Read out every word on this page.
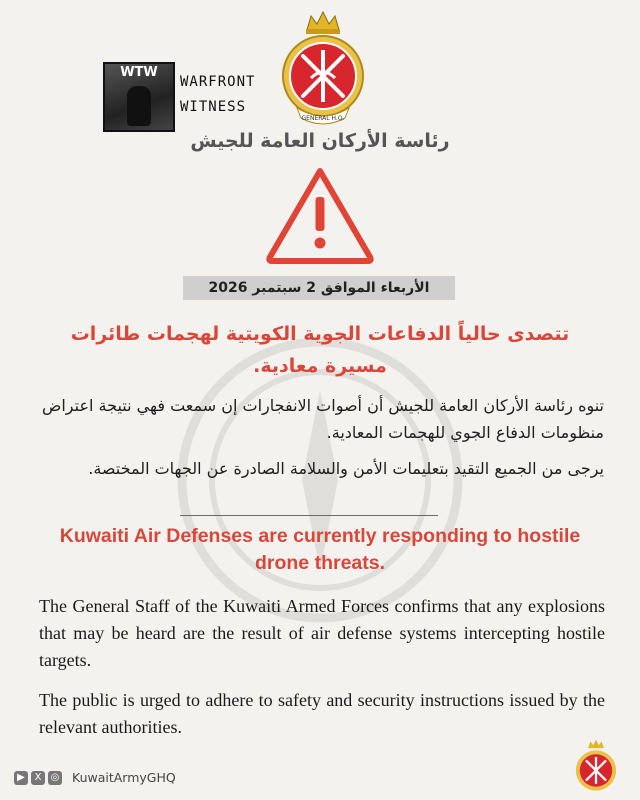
WTW
WARFRONT
WITNESS
GENERAL H.Q.
رئاسة الأركان العامة للجيش
الأربعاء الموافق 2 سبتمبر 2026
تتصدى حالياً الدفاعات الجوية الكويتية لهجمات طائرات مسيرة معادية.
تنوه رئاسة الأركان العامة للجيش أن أصوات الانفجارات إن سمعت فهي نتيجة اعتراض منظومات الدفاع الجوي للهجمات المعادية.
يرجى من الجميع التقيد بتعليمات الأمن والسلامة الصادرة عن الجهات المختصة.
Kuwaiti Air Defenses are currently responding to hostile drone threats.
The General Staff of the Kuwaiti Armed Forces confirms that any explosions that may be heard are the result of air defense systems intercepting hostile targets.
The public is urged to adhere to safety and security instructions issued by the relevant authorities.
▶ X ◎ KuwaitArmyGHQ
